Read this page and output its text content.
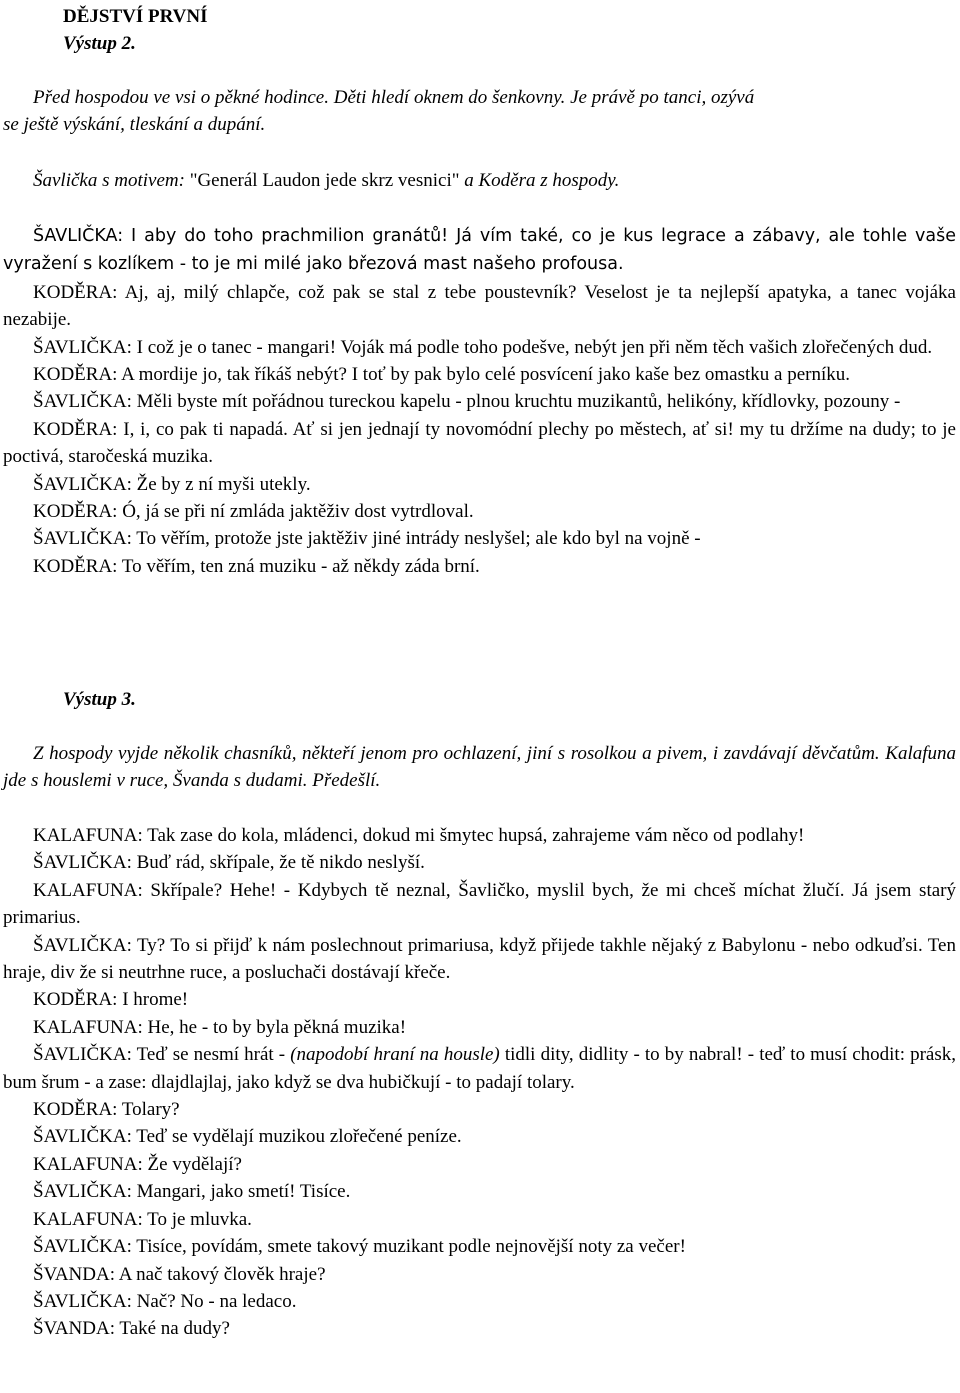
DĚJSTVÍ PRVNÍ
Výstup 2.
Před hospodou ve vsi o pěkné hodince. Děti hledí oknem do šenkovny. Je právě po tanci, ozývá
se ještě výskání, tleskání a dupání.
Šavlička s motivem: "Generál Laudon jede skrz vesnici" a Koděra z hospody.
ŠAVLIČKA: I aby do toho prachmilion granátů! Já vím také, co je kus legrace a zábavy, ale tohle vaše vyražení s kozlíkem - to je mi milé jako březová mast našeho profousa.
KODĚRA: Aj, aj, milý chlapče, což pak se stal z tebe poustevník? Veselost je ta nejlepší apatyka, a tanec vojáka nezabije.
ŠAVLIČKA: I což je o tanec - mangari! Voják má podle toho podešve, nebýt jen při něm těch vašich zlořečených dud.
KODĚRA: A mordije jo, tak říkáš nebýt? I toť by pak bylo celé posvícení jako kaše bez omastku a perníku.
ŠAVLIČKA: Měli byste mít pořádnou tureckou kapelu - plnou kruchtu muzikantů, helikóny, křídlovky, pozouny -
KODĚRA: I, i, co pak ti napadá. Ať si jen jednají ty novomódní plechy po městech, ať si! my tu držíme na dudy; to je poctivá, staročeská muzika.
ŠAVLIČKA: Že by z ní myši utekly.
KODĚRA: Ó, já se při ní zmláda jaktěživ dost vytrdloval.
ŠAVLIČKA: To věřím, protože jste jaktěživ jiné intrády neslyšel; ale kdo byl na vojně -
KODĚRA: To věřím, ten zná muziku - až někdy záda brní.
Výstup 3.
Z hospody vyjde několik chasníků, někteří jenom pro ochlazení, jiní s rosolkou a pivem, i zavdávají děvčatům. Kalafuna jde s houslemi v ruce, Švanda s dudami. Předešlí.
KALAFUNA: Tak zase do kola, mládenci, dokud mi šmytec hupsá, zahrajeme vám něco od podlahy!
ŠAVLIČKA: Buď rád, skřípale, že tě nikdo neslyší.
KALAFUNA: Skřípale? Hehe! - Kdybych tě neznal, Šavličko, myslil bych, že mi chceš míchat žlučí. Já jsem starý primarius.
ŠAVLIČKA: Ty? To si přijď k nám poslechnout primariusa, když přijede takhle nějaký z Babylonu - nebo odkuďsi. Ten hraje, div že si neutrhne ruce, a posluchači dostávají křeče.
KODĚRA: I hrome!
KALAFUNA: He, he - to by byla pěkná muzika!
ŠAVLIČKA: Teď se nesmí hrát - (napodobí hraní na housle) tidli dity, didlity - to by nabral! - teď to musí chodit: prásk, bum šrum - a zase: dlajdlajlaj, jako když se dva hubičkují - to padají tolary.
KODĚRA: Tolary?
ŠAVLIČKA: Teď se vydělají muzikou zlořečené peníze.
KALAFUNA: Že vydělají?
ŠAVLIČKA: Mangari, jako smetí! Tisíce.
KALAFUNA: To je mluvka.
ŠAVLIČKA: Tisíce, povídám, smete takový muzikant podle nejnovější noty za večer!
ŠVANDA: A nač takový člověk hraje?
ŠAVLIČKA: Nač? No - na ledaco.
ŠVANDA: Také na dudy?
